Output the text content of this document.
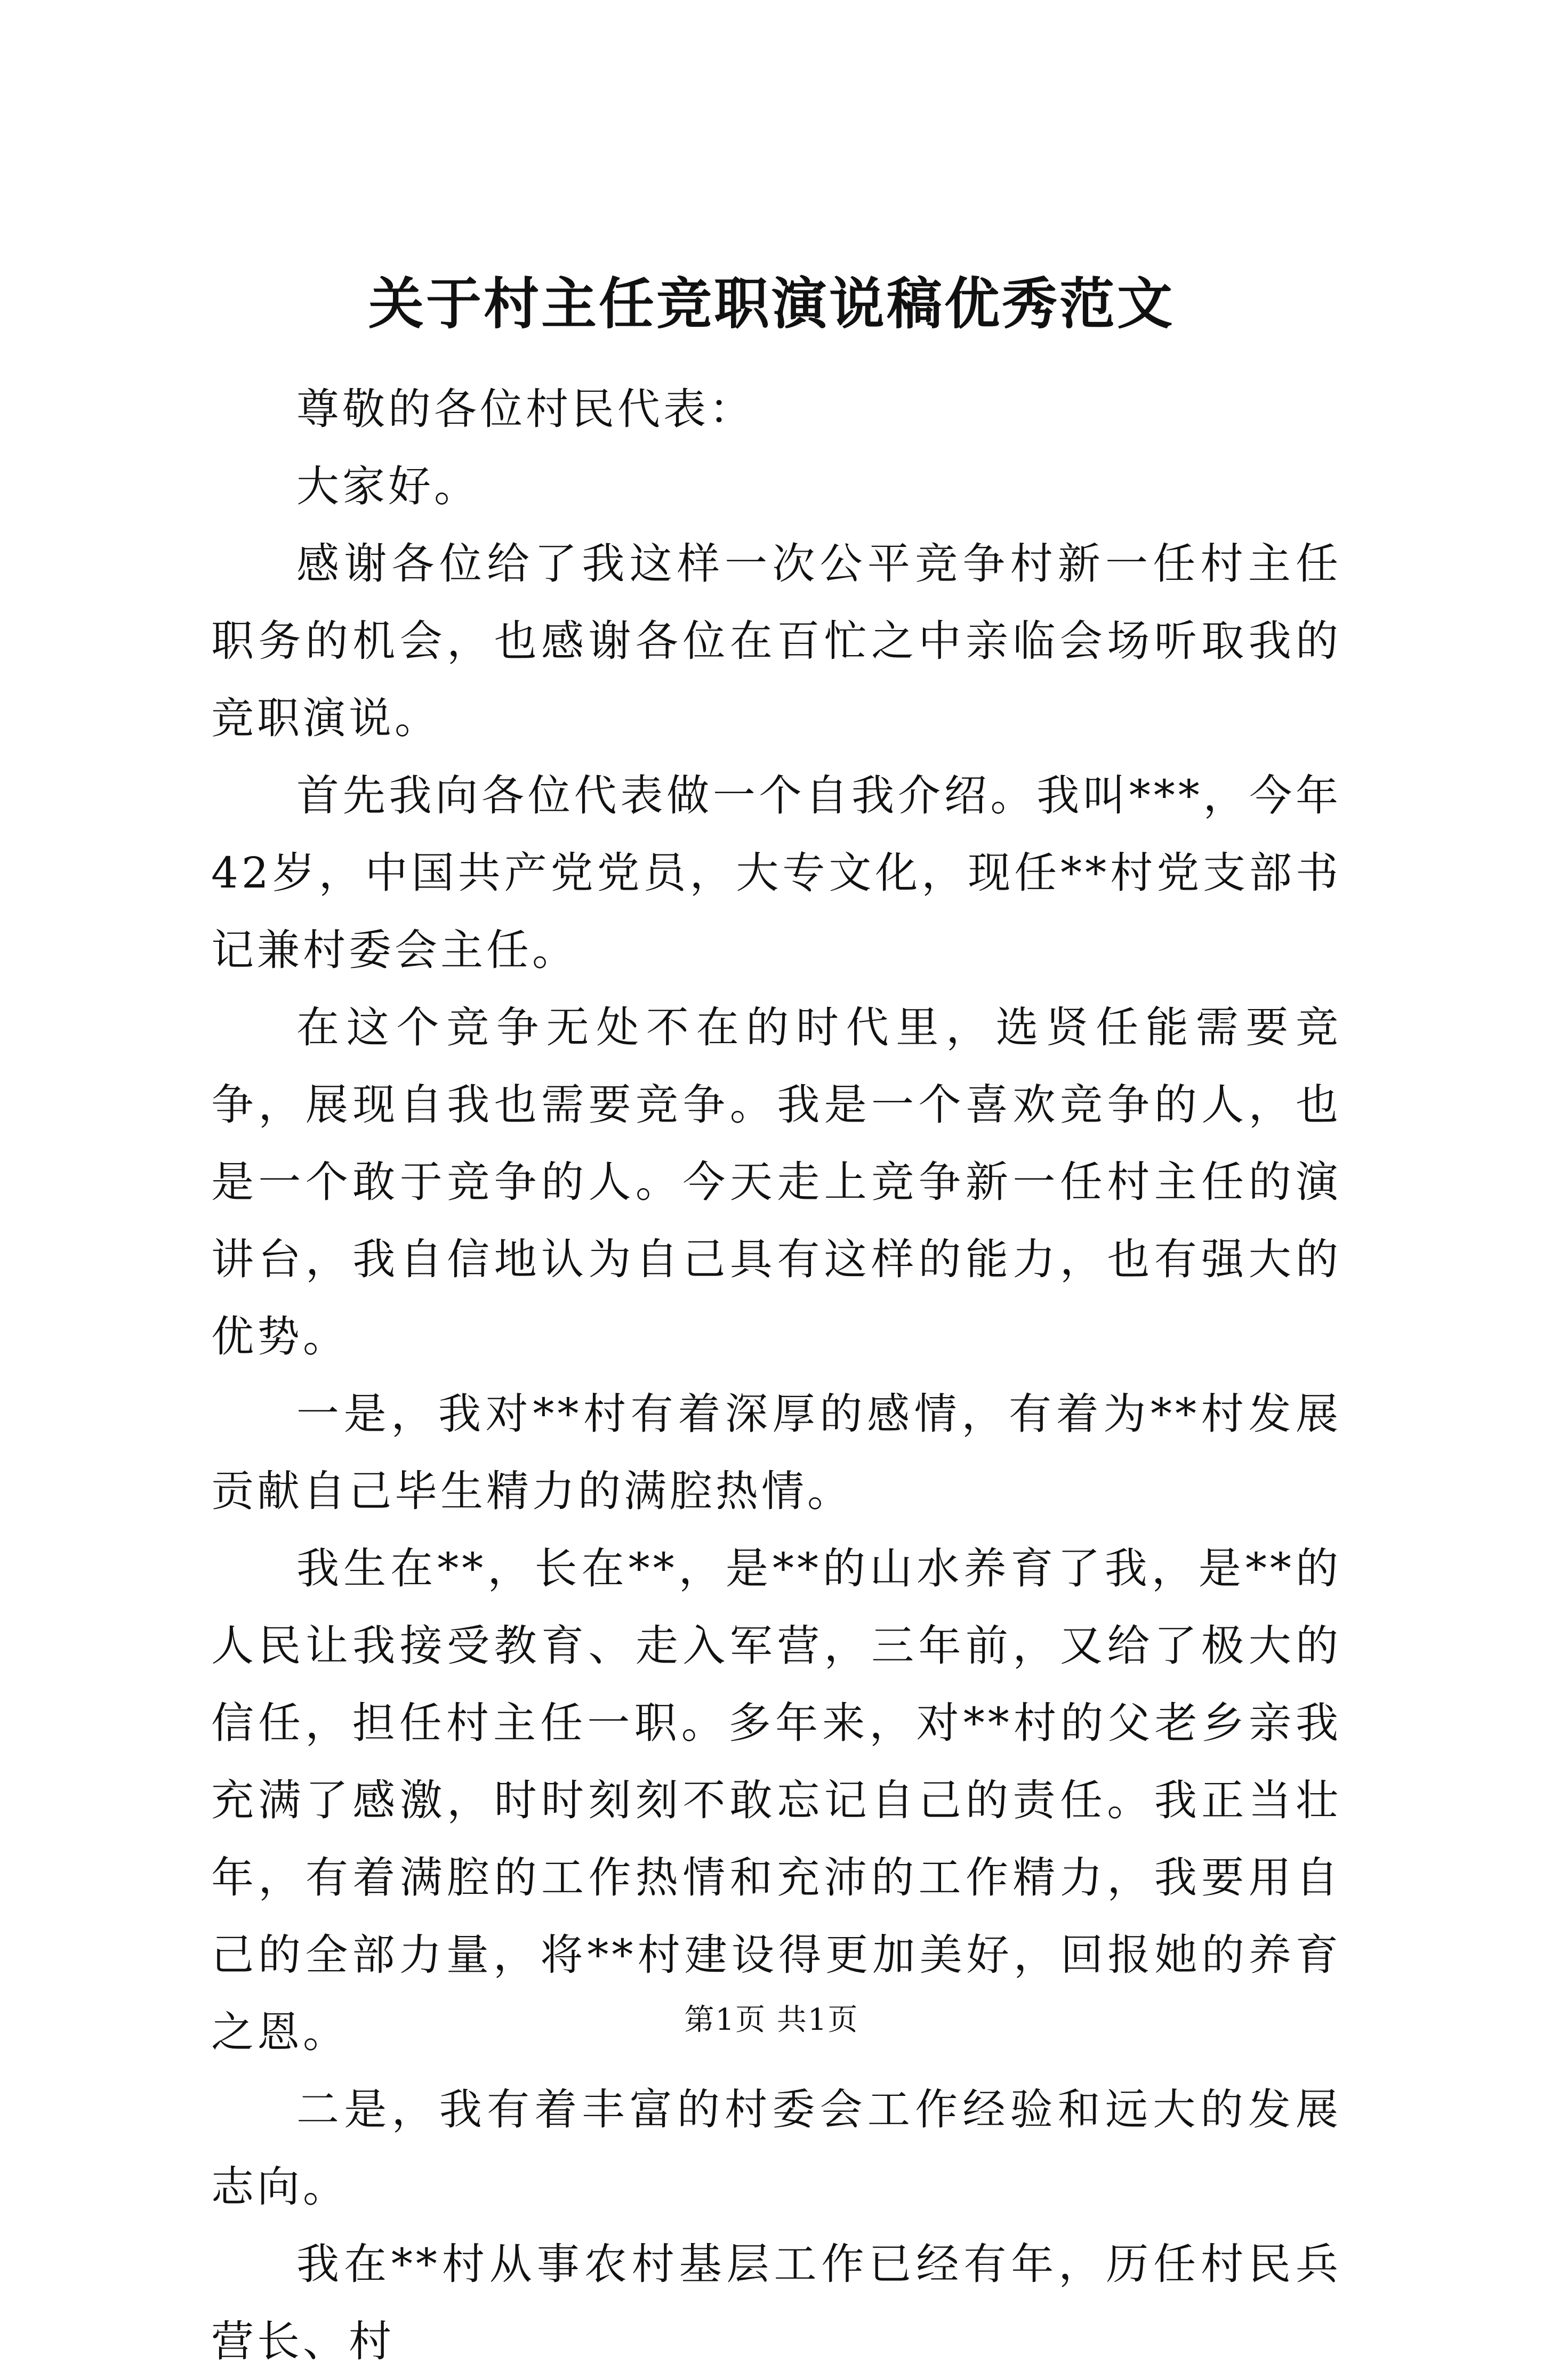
关于村主任竞职演说稿优秀范文

尊敬的各位村民代表：

大家好。

感谢各位给了我这样一次公平竞争村新一任村主任职务的机会，也感谢各位在百忙之中亲临会场听取我的竞职演说。

首先我向各位代表做一个自我介绍。我叫***，今年42岁，中国共产党党员，大专文化，现任**村党支部书记兼村委会主任。

在这个竞争无处不在的时代里，选贤任能需要竞争，展现自我也需要竞争。我是一个喜欢竞争的人，也是一个敢于竞争的人。今天走上竞争新一任村主任的演讲台，我自信地认为自己具有这样的能力，也有强大的优势。

一是，我对**村有着深厚的感情，有着为**村发展贡献自己毕生精力的满腔热情。

我生在**，长在**，是**的山水养育了我，是**的人民让我接受教育、走入军营，三年前，又给了极大的信任，担任村主任一职。多年来，对**村的父老乡亲我充满了感激，时时刻刻不敢忘记自己的责任。我正当壮年，有着满腔的工作热情和充沛的工作精力，我要用自己的全部力量，将**村建设得更加美好，回报她的养育之恩。

二是，我有着丰富的村委会工作经验和远大的发展志向。

我在**村从事农村基层工作已经有年，历任村民兵营长、村

第1页 共1页
